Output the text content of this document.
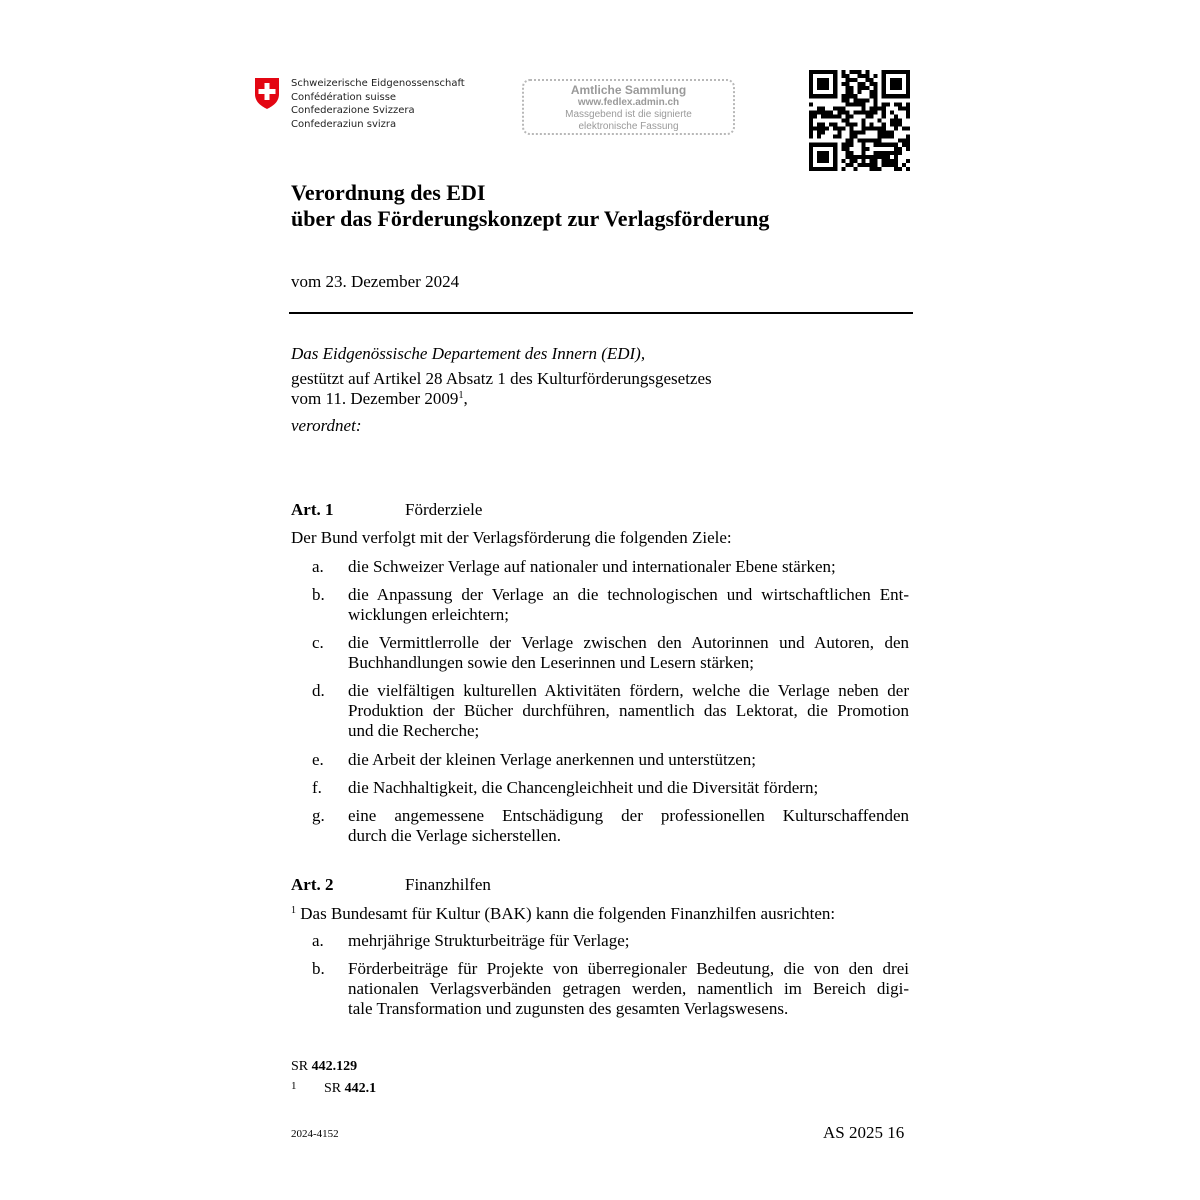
Schweizerische Eidgenossenschaft
Confédération suisse
Confederazione Svizzera
Confederaziun svizra
Amtliche Sammlung
www.fedlex.admin.ch
Massgebend ist die signierte
elektronische Fassung
Verordnung des EDI
über das Förderungskonzept zur Verlagsförderung
vom 23. Dezember 2024
Das Eidgenössische Departement des Innern (EDI),
gestützt auf Artikel 28 Absatz 1 des Kulturförderungsgesetzes
vom 11. Dezember 2009$^1$,
verordnet:
Art. 1	Förderziele
Der Bund verfolgt mit der Verlagsförderung die folgenden Ziele:
a. die Schweizer Verlage auf nationaler und internationaler Ebene stärken;
b. die Anpassung der Verlage an die technologischen und wirtschaftlichen Ent-
wicklungen erleichtern;
c. die Vermittlerrolle der Verlage zwischen den Autorinnen und Autoren, den
Buchhandlungen sowie den Leserinnen und Lesern stärken;
d. die vielfältigen kulturellen Aktivitäten fördern, welche die Verlage neben der
Produktion der Bücher durchführen, namentlich das Lektorat, die Promotion
und die Recherche;
e. die Arbeit der kleinen Verlage anerkennen und unterstützen;
f. die Nachhaltigkeit, die Chancengleichheit und die Diversität fördern;
g. eine angemessene Entschädigung der professionellen Kulturschaffenden
durch die Verlage sicherstellen.
Art. 2	Finanzhilfen
$^1$ Das Bundesamt für Kultur (BAK) kann die folgenden Finanzhilfen ausrichten:
a. mehrjährige Strukturbeiträge für Verlage;
b. Förderbeiträge für Projekte von überregionaler Bedeutung, die von den drei
nationalen Verlagsverbänden getragen werden, namentlich im Bereich digi-
tale Transformation und zugunsten des gesamten Verlagswesens.
SR 442.129
1 SR 442.1
2024-4152	AS 2025 16
